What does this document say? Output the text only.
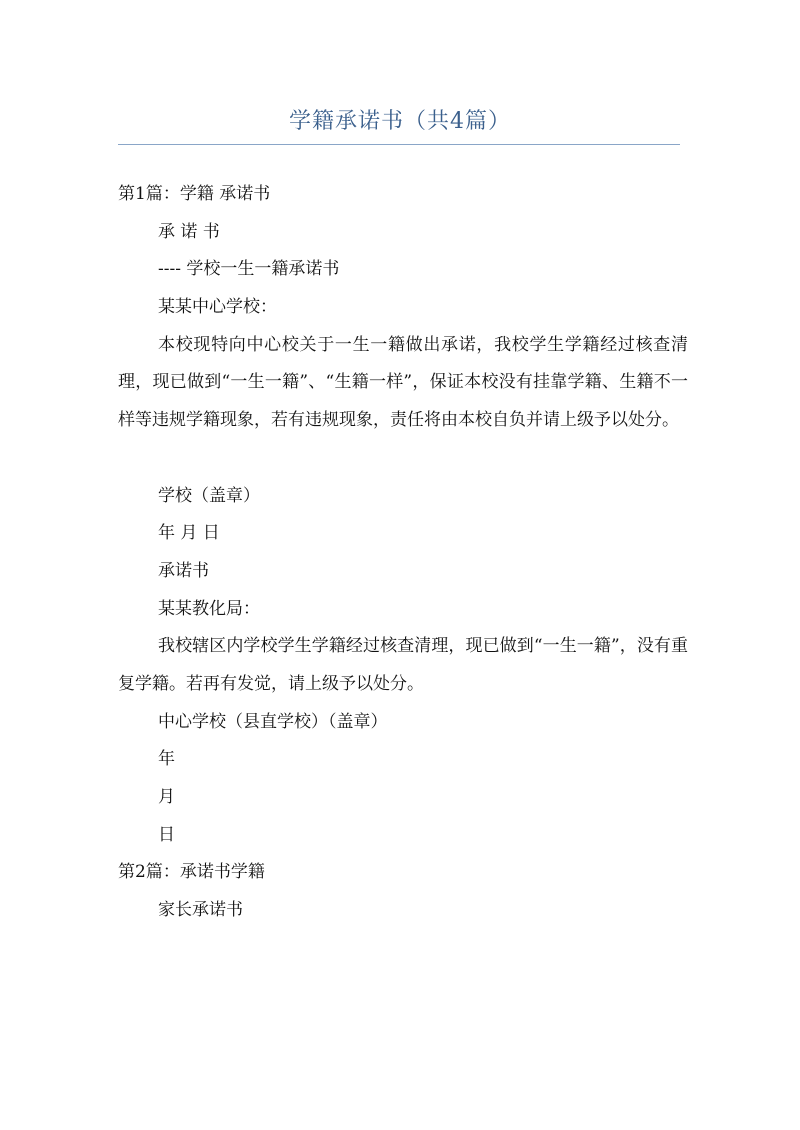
学籍承诺书（共4篇）
第1篇：学籍 承诺书
承 诺 书
---- 学校一生一籍承诺书
某某中心学校：
本校现特向中心校关于一生一籍做出承诺，我校学生学籍经过核查清理，现已做到“一生一籍”、“生籍一样”，保证本校没有挂靠学籍、生籍不一样等违规学籍现象，若有违规现象，责任将由本校自负并请上级予以处分。
学校（盖章）
年 月 日
承诺书
某某教化局：
我校辖区内学校学生学籍经过核查清理，现已做到“一生一籍”，没有重复学籍。若再有发觉，请上级予以处分。
中心学校（县直学校）（盖章）
年
月
日
第2篇：承诺书学籍
家长承诺书
